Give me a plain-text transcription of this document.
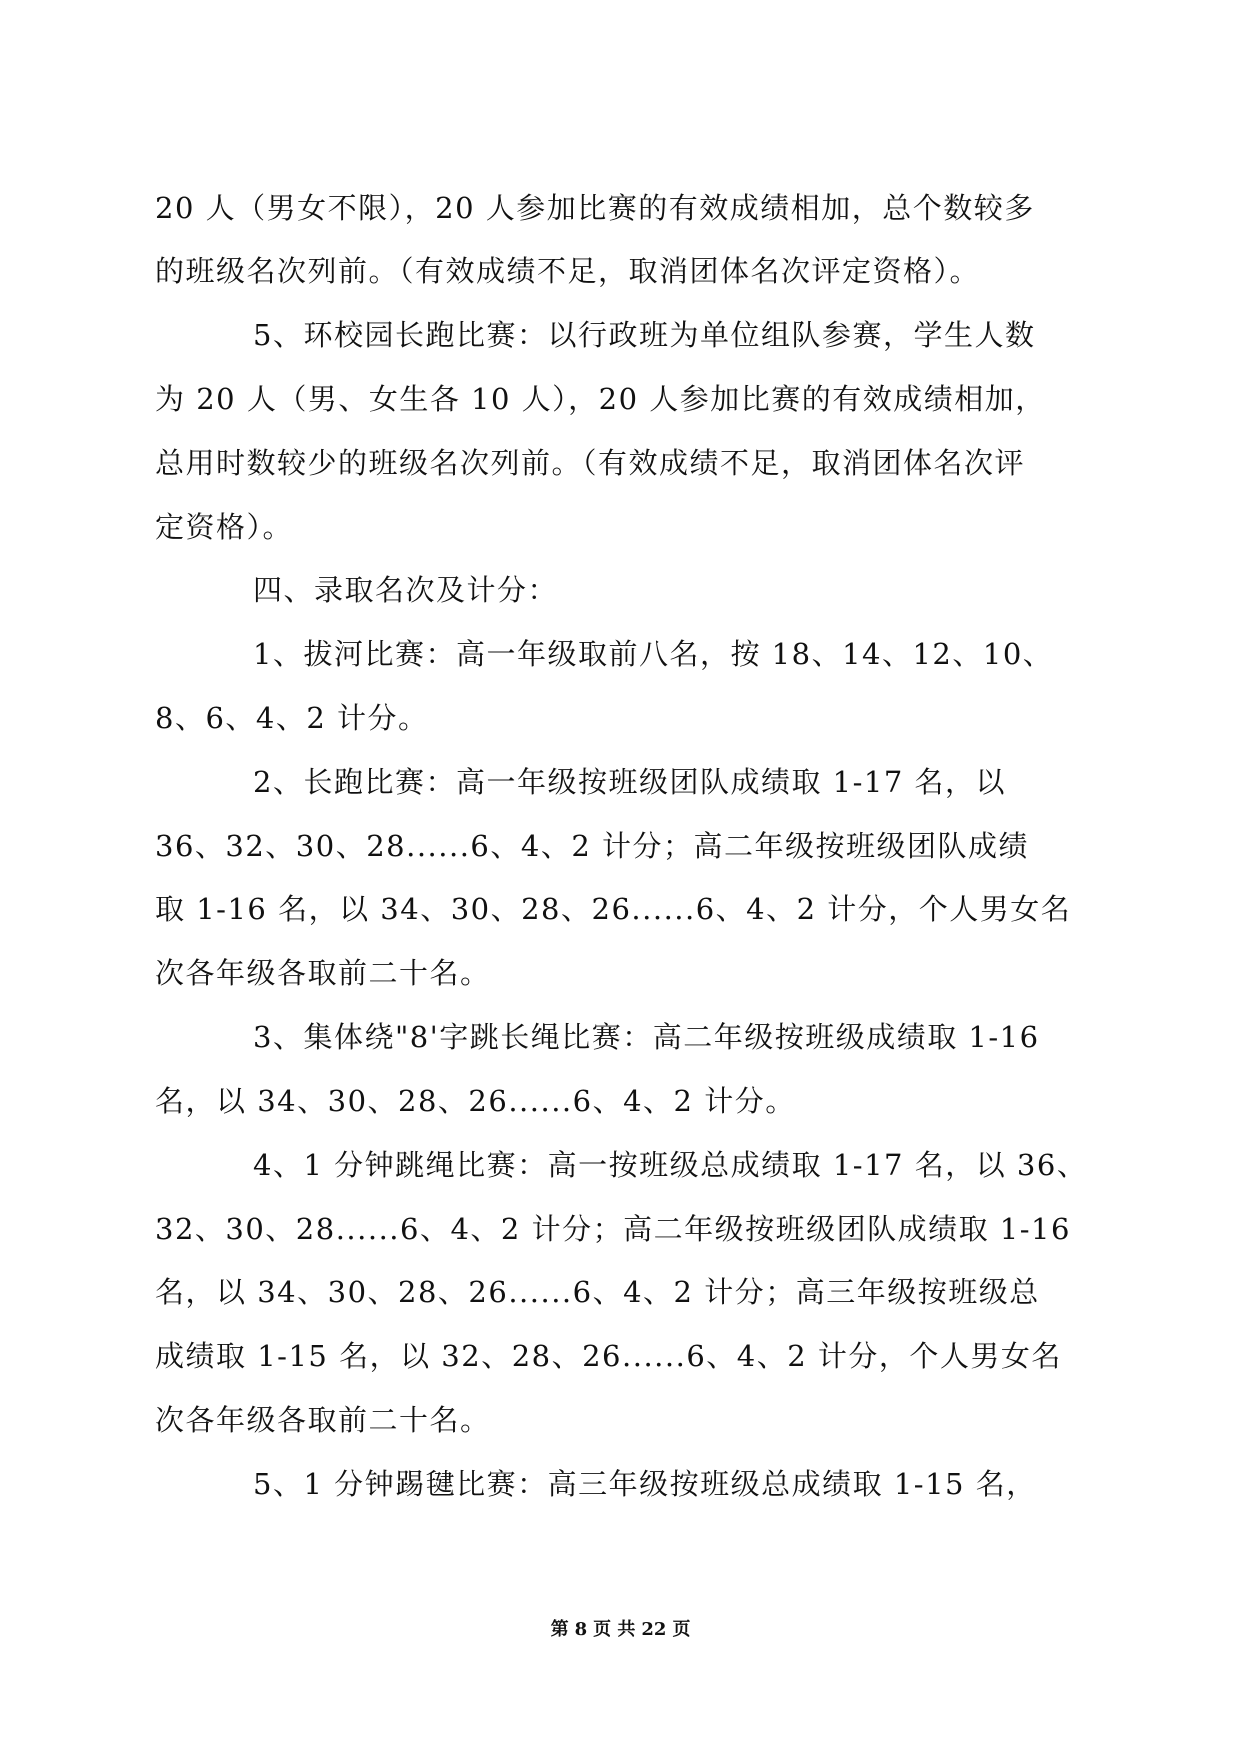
20 人（男女不限），20 人参加比赛的有效成绩相加，总个数较多
的班级名次列前。（有效成绩不足，取消团体名次评定资格）。
5、环校园长跑比赛：以行政班为单位组队参赛，学生人数
为 20 人（男、女生各 10 人），20 人参加比赛的有效成绩相加，
总用时数较少的班级名次列前。（有效成绩不足，取消团体名次评
定资格）。
四、录取名次及计分：
1、拔河比赛：高一年级取前八名，按 18、14、12、10、
8、6、4、2 计分。
2、长跑比赛：高一年级按班级团队成绩取 1-17 名，以
36、32、30、28......6、4、2 计分；高二年级按班级团队成绩
取 1-16 名，以 34、30、28、26......6、4、2 计分，个人男女名
次各年级各取前二十名。
3、集体绕"8'字跳长绳比赛：高二年级按班级成绩取 1-16
名，以 34、30、28、26......6、4、2 计分。
4、1 分钟跳绳比赛：高一按班级总成绩取 1-17 名，以 36、
32、30、28......6、4、2 计分；高二年级按班级团队成绩取 1-16
名，以 34、30、28、26......6、4、2 计分；高三年级按班级总
成绩取 1-15 名，以 32、28、26......6、4、2 计分，个人男女名
次各年级各取前二十名。
5、1 分钟踢毽比赛：高三年级按班级总成绩取 1-15 名，
第 8 页 共 22 页
